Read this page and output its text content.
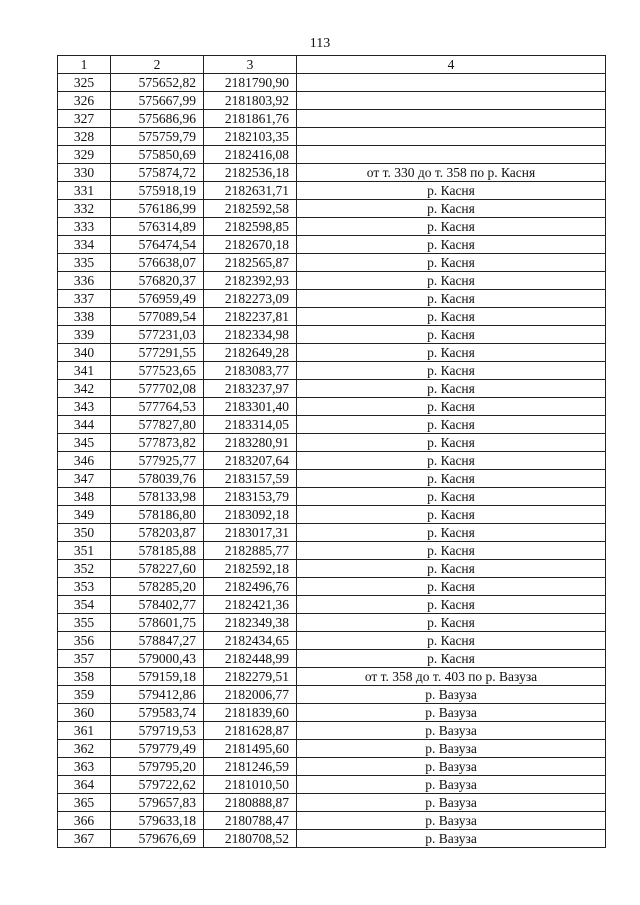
113
1	2	3	4
325	575652,82	2181790,90	
326	575667,99	2181803,92	
327	575686,96	2181861,76	
328	575759,79	2182103,35	
329	575850,69	2182416,08	
330	575874,72	2182536,18	от т. 330 до т. 358 по р. Касня
331	575918,19	2182631,71	р. Касня
332	576186,99	2182592,58	р. Касня
333	576314,89	2182598,85	р. Касня
334	576474,54	2182670,18	р. Касня
335	576638,07	2182565,87	р. Касня
336	576820,37	2182392,93	р. Касня
337	576959,49	2182273,09	р. Касня
338	577089,54	2182237,81	р. Касня
339	577231,03	2182334,98	р. Касня
340	577291,55	2182649,28	р. Касня
341	577523,65	2183083,77	р. Касня
342	577702,08	2183237,97	р. Касня
343	577764,53	2183301,40	р. Касня
344	577827,80	2183314,05	р. Касня
345	577873,82	2183280,91	р. Касня
346	577925,77	2183207,64	р. Касня
347	578039,76	2183157,59	р. Касня
348	578133,98	2183153,79	р. Касня
349	578186,80	2183092,18	р. Касня
350	578203,87	2183017,31	р. Касня
351	578185,88	2182885,77	р. Касня
352	578227,60	2182592,18	р. Касня
353	578285,20	2182496,76	р. Касня
354	578402,77	2182421,36	р. Касня
355	578601,75	2182349,38	р. Касня
356	578847,27	2182434,65	р. Касня
357	579000,43	2182448,99	р. Касня
358	579159,18	2182279,51	от т. 358 до т. 403 по р. Вазуза
359	579412,86	2182006,77	р. Вазуза
360	579583,74	2181839,60	р. Вазуза
361	579719,53	2181628,87	р. Вазуза
362	579779,49	2181495,60	р. Вазуза
363	579795,20	2181246,59	р. Вазуза
364	579722,62	2181010,50	р. Вазуза
365	579657,83	2180888,87	р. Вазуза
366	579633,18	2180788,47	р. Вазуза
367	579676,69	2180708,52	р. Вазуза
